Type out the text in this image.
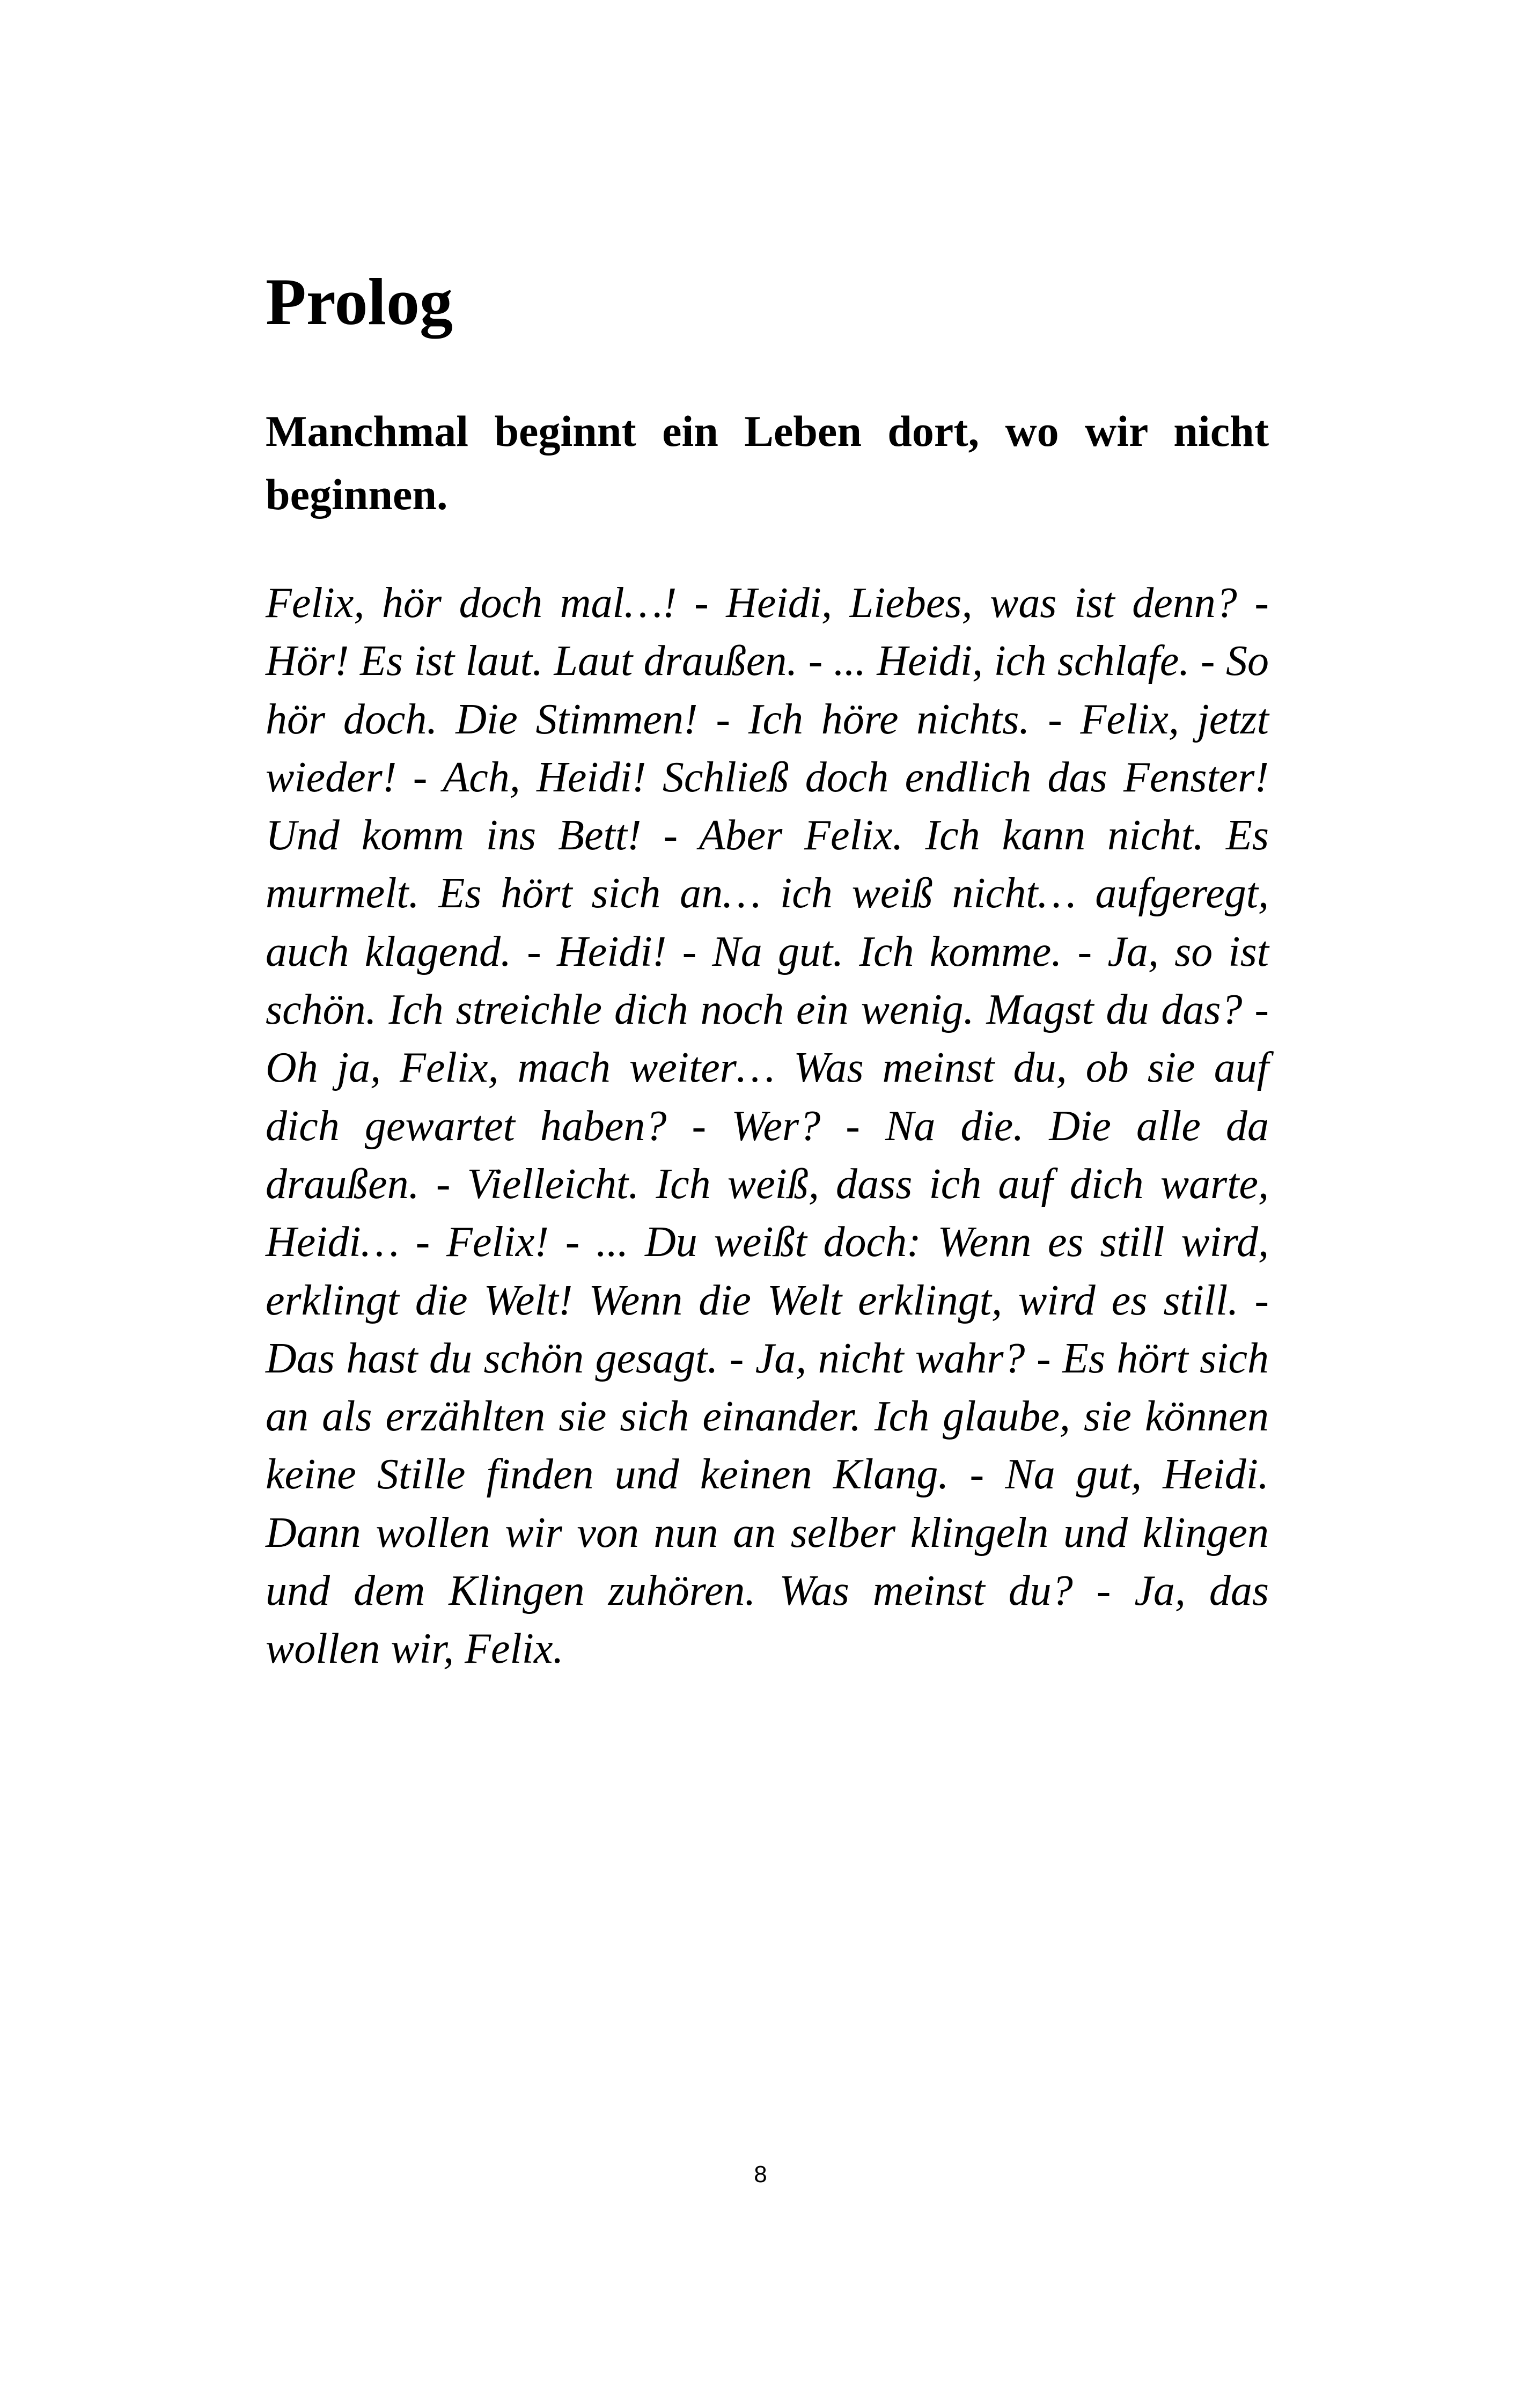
Prolog

Manchmal beginnt ein Leben dort, wo wir nicht beginnen.

Felix, hör doch mal…! - Heidi, Liebes, was ist denn? - Hör! Es ist laut. Laut draußen. - ... Heidi, ich schlafe. - So hör doch. Die Stimmen! - Ich höre nichts. - Felix, jetzt wieder! - Ach, Heidi! Schließ doch endlich das Fenster! Und komm ins Bett! - Aber Felix. Ich kann nicht. Es murmelt. Es hört sich an… ich weiß nicht… aufgeregt, auch klagend. - Heidi! - Na gut. Ich komme. - Ja, so ist schön. Ich streichle dich noch ein wenig. Magst du das? - Oh ja, Felix, mach weiter… Was meinst du, ob sie auf dich gewartet haben? - Wer? - Na die. Die alle da draußen. - Vielleicht. Ich weiß, dass ich auf dich warte, Heidi… - Felix! - ... Du weißt doch: Wenn es still wird, erklingt die Welt! Wenn die Welt erklingt, wird es still. - Das hast du schön gesagt. - Ja, nicht wahr? - Es hört sich an als erzählten sie sich einander. Ich glaube, sie können keine Stille finden und keinen Klang. - Na gut, Heidi. Dann wollen wir von nun an selber klingeln und klingen und dem Klingen zuhören. Was meinst du? - Ja, das wollen wir, Felix.

8
